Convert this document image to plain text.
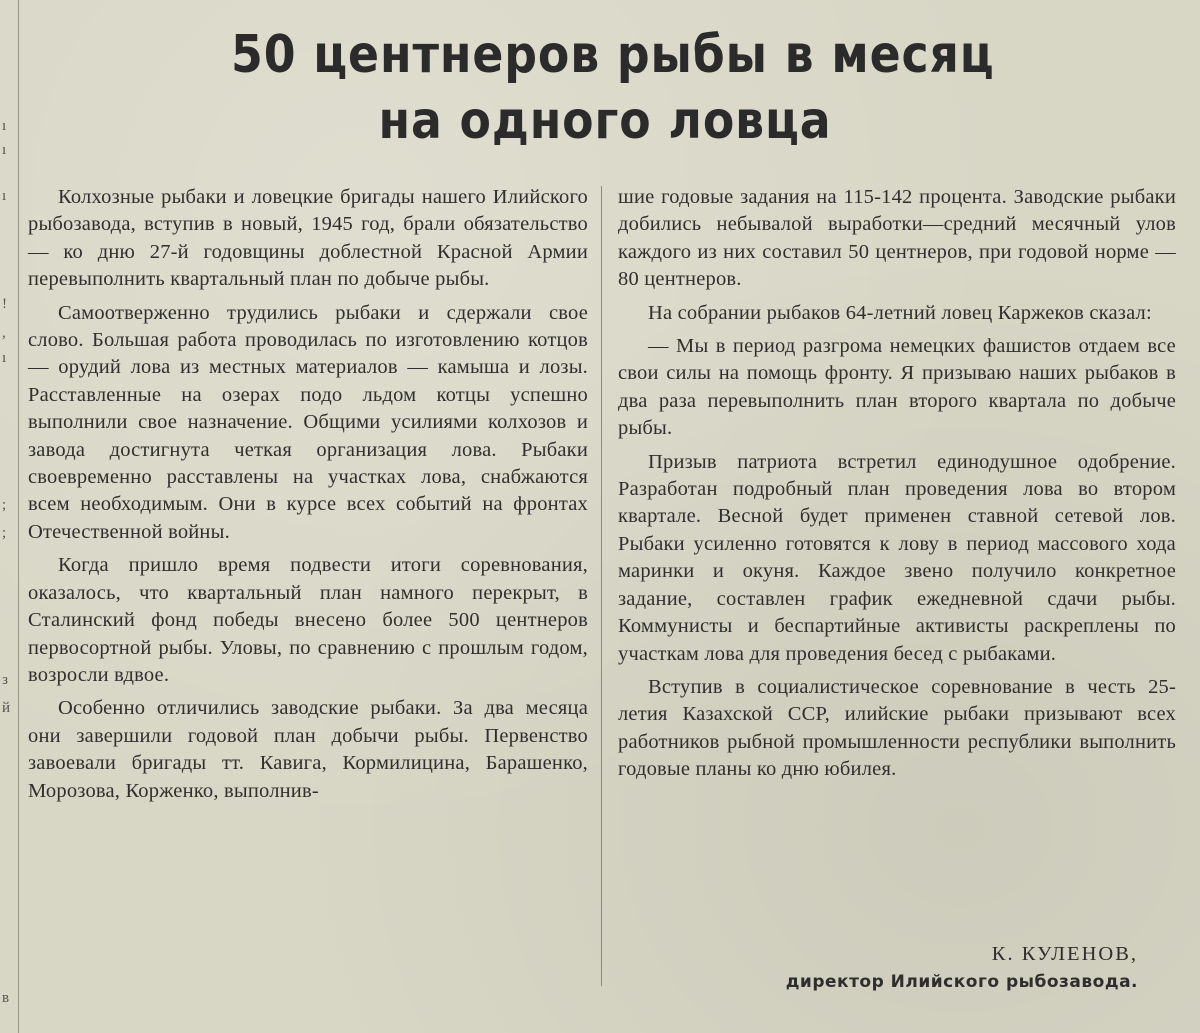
ı
ı
ı
!
,
ı
;
;
з
й
в
50 центнеров рыбы в месяц
на одного ловца

Колхозные рыбаки и ловецкие бригады нашего Илийского рыбозавода, вступив в новый, 1945 год, брали обязательство — ко дню 27-й годовщины доблестной Красной Армии перевыполнить квартальный план по добыче рыбы.

Самоотверженно трудились рыбаки и сдержали свое слово. Большая работа проводилась по изготовлению котцов — орудий лова из местных материалов — камыша и лозы. Расставленные на озерах подо льдом котцы успешно выполнили свое назначение. Общими усилиями колхозов и завода достигнута четкая организация лова. Рыбаки своевременно расставлены на участках лова, снабжаются всем необходимым. Они в курсе всех событий на фронтах Отечественной войны.

Когда пришло время подвести итоги соревнования, оказалось, что квартальный план намного перекрыт, в Сталинский фонд победы внесено более 500 центнеров первосортной рыбы. Уловы, по сравнению с прошлым годом, возросли вдвое.

Особенно отличились заводские рыбаки. За два месяца они завершили годовой план добычи рыбы. Первенство завоевали бригады тт. Кавига, Кормилицина, Барашенко, Морозова, Корженко, выполнив-

шие годовые задания на 115-142 процента. Заводские рыбаки добились небывалой выработки—средний месячный улов каждого из них составил 50 центнеров, при годовой норме —80 центнеров.

На собрании рыбаков 64-летний ловец Каржеков сказал:

— Мы в период разгрома немецких фашистов отдаем все свои силы на помощь фронту. Я призываю наших рыбаков в два раза перевыполнить план второго квартала по добыче рыбы.

Призыв патриота встретил единодушное одобрение. Разработан подробный план проведения лова во втором квартале. Весной будет применен ставной сетевой лов. Рыбаки усиленно готовятся к лову в период массового хода маринки и окуня. Каждое звено получило конкретное задание, составлен график ежедневной сдачи рыбы. Коммунисты и беспартийные активисты раскреплены по участкам лова для проведения бесед с рыбаками.

Вступив в социалистическое соревнование в честь 25-летия Казахской ССР, илийские рыбаки призывают всех работников рыбной промышленности республики выполнить годовые планы ко дню юбилея.

К. КУЛЕНОВ,
директор Илийского рыбозавода.
